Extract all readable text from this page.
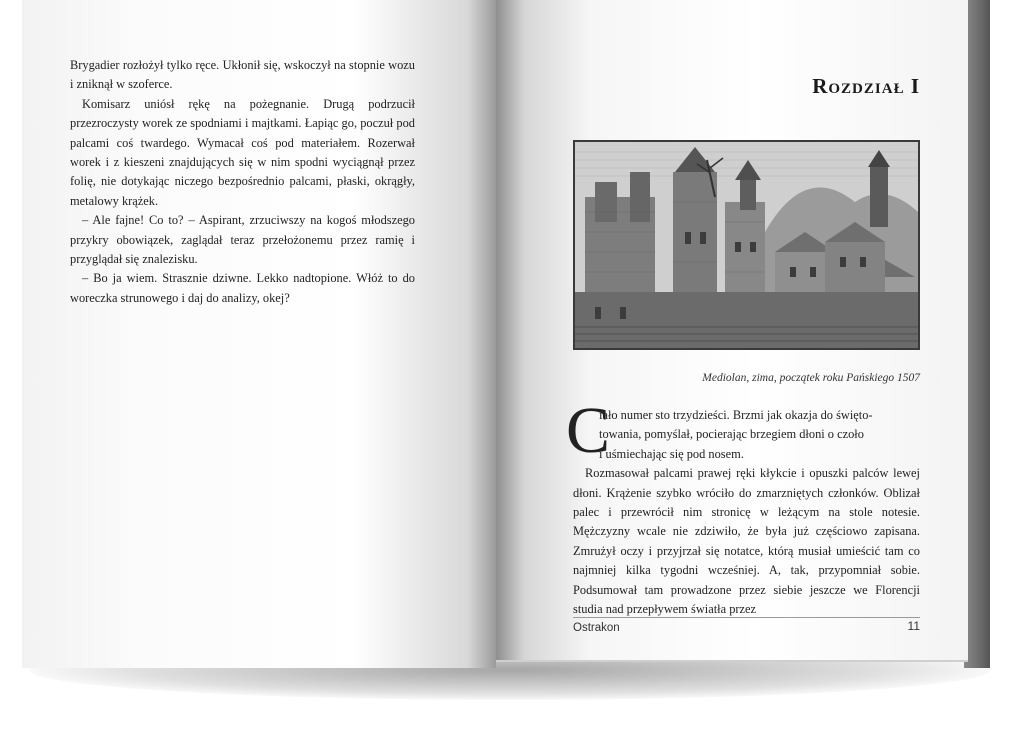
Brygadier rozłożył tylko ręce. Ukłonił się, wskoczył na stopnie wozu i zniknął w szoferce.

Komisarz uniósł rękę na pożegnanie. Drugą podrzucił przezroczysty worek ze spodniami i majtkami. Łapiąc go, poczuł pod palcami coś twardego. Wymacał coś pod materiałem. Rozerwał worek i z kieszeni znajdujących się w nim spodni wyciągnął przez folię, nie dotykając niczego bezpośrednio palcami, płaski, okrągły, metalowy krążek.

– Ale fajne! Co to? – Aspirant, zrzuciwszy na kogoś młodszego przykry obowiązek, zaglądał teraz przełożonemu przez ramię i przyglądał się znalezisku.

– Bo ja wiem. Strasznie dziwne. Lekko nadtopione. Włóż to do woreczka strunowego i daj do analizy, okej?

Rozdział I
Mediolan, zima, początek roku Pańskiego 1507
C
iało numer sto trzydzieści. Brzmi jak okazja do święto-
towania, pomyślał, pocierając brzegiem dłoni o czoło
i uśmiechając się pod nosem.
Rozmasował palcami prawej ręki kłykcie i opuszki palców lewej dłoni. Krążenie szybko wróciło do zmarzniętych członków. Oblizał palec i przewrócił nim stronicę w leżącym na stole notesie. Mężczyzny wcale nie zdziwiło, że była już częściowo zapisana. Zmrużył oczy i przyjrzał się notatce, którą musiał umieścić tam co najmniej kilka tygodni wcześniej. A, tak, przypomniał sobie. Podsumował tam prowadzone przez siebie jeszcze we Florencji studia nad przepływem światła przez
Ostrakon	11
